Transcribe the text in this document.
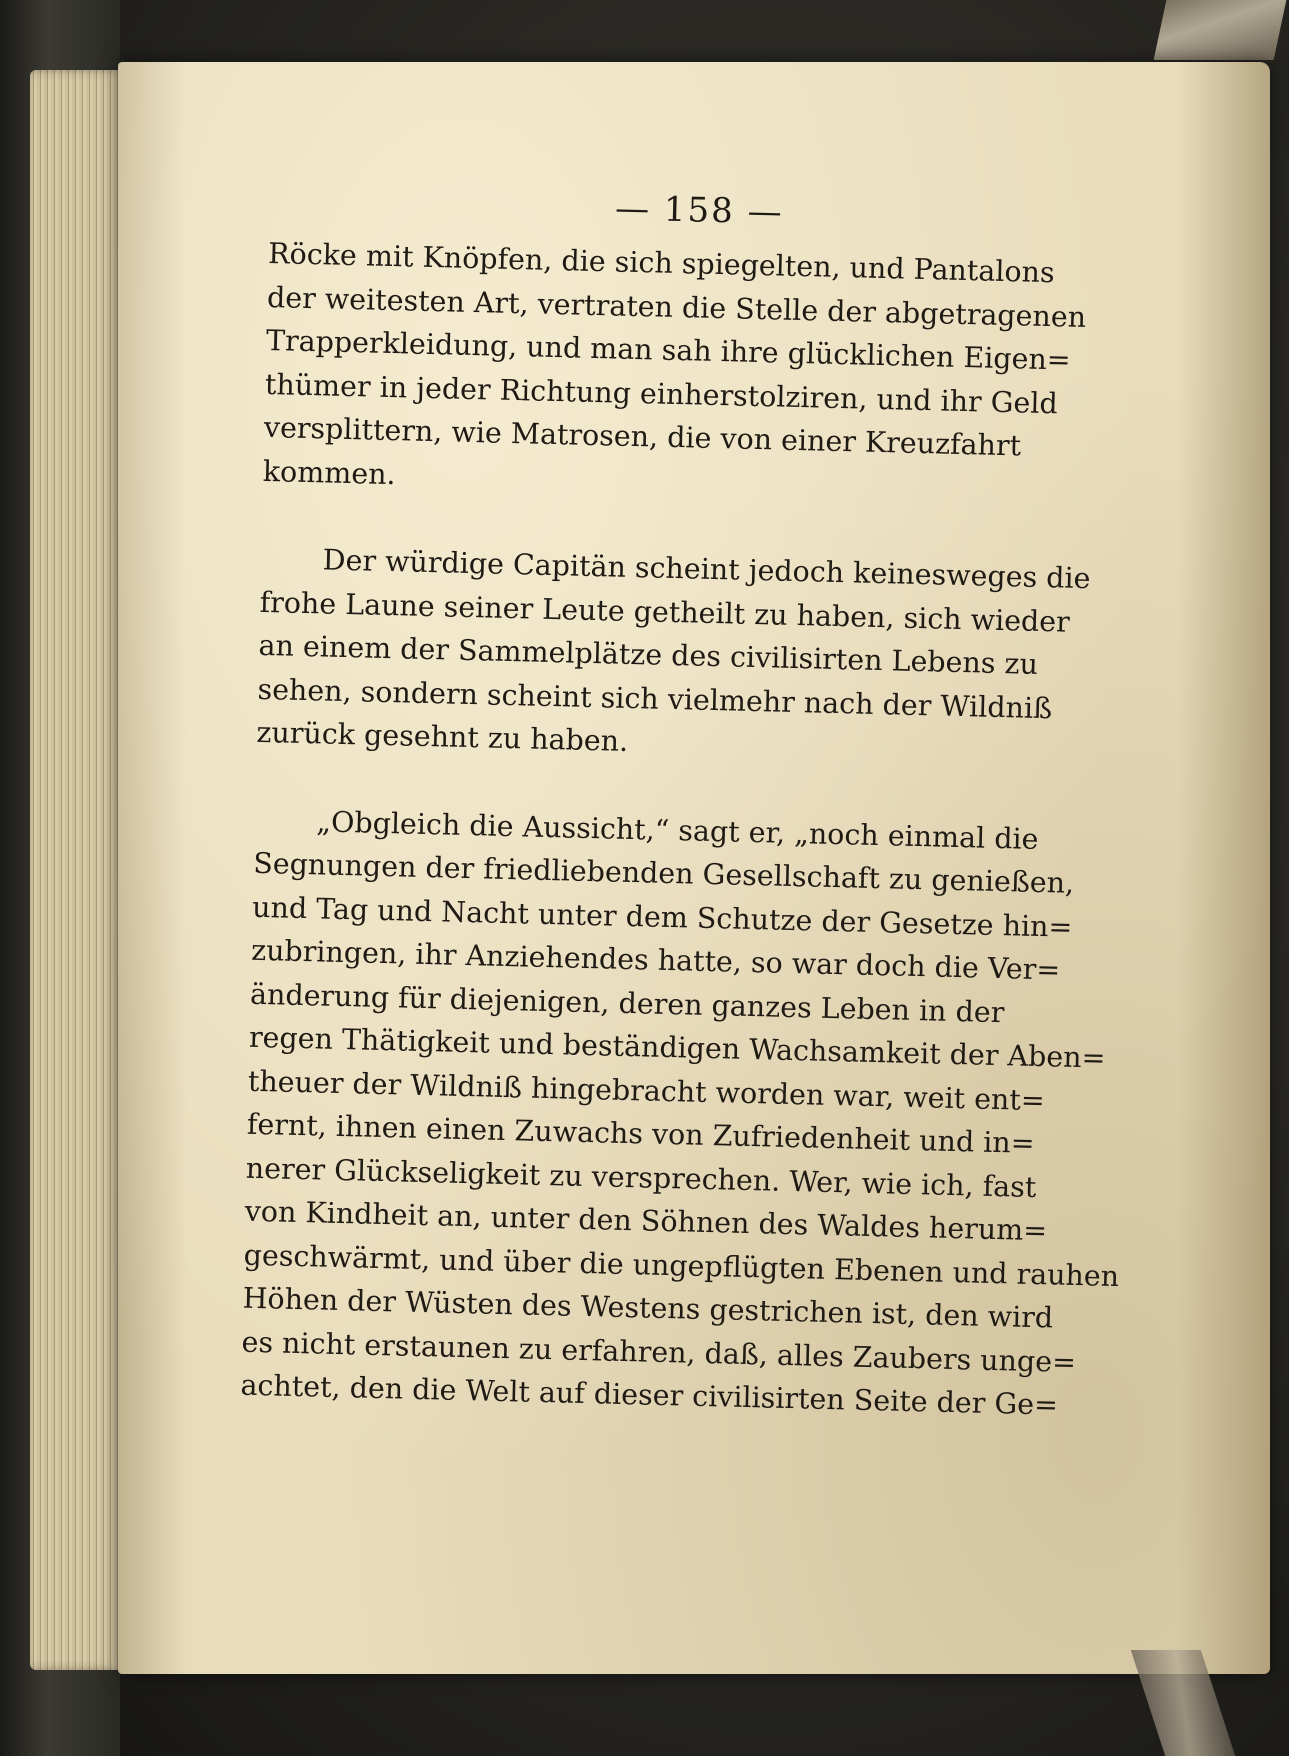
— 158 —

Röcke mit Knöpfen, die sich spiegelten, und Pantalons
der weitesten Art, vertraten die Stelle der abgetragenen
Trapperkleidung, und man sah ihre glücklichen Eigen=
thümer in jeder Richtung einherstolziren, und ihr Geld
versplittern, wie Matrosen, die von einer Kreuzfahrt
kommen.

Der würdige Capitän scheint jedoch keinesweges die
frohe Laune seiner Leute getheilt zu haben, sich wieder
an einem der Sammelplätze des civilisirten Lebens zu
sehen, sondern scheint sich vielmehr nach der Wildniß
zurück gesehnt zu haben.

„Obgleich die Aussicht,“ sagt er, „noch einmal die
Segnungen der friedliebenden Gesellschaft zu genießen,
und Tag und Nacht unter dem Schutze der Gesetze hin=
zubringen, ihr Anziehendes hatte, so war doch die Ver=
änderung für diejenigen, deren ganzes Leben in der
regen Thätigkeit und beständigen Wachsamkeit der Aben=
theuer der Wildniß hingebracht worden war, weit ent=
fernt, ihnen einen Zuwachs von Zufriedenheit und in=
nerer Glückseligkeit zu versprechen. Wer, wie ich, fast
von Kindheit an, unter den Söhnen des Waldes herum=
geschwärmt, und über die ungepflügten Ebenen und rauhen
Höhen der Wüsten des Westens gestrichen ist, den wird
es nicht erstaunen zu erfahren, daß, alles Zaubers unge=
achtet, den die Welt auf dieser civilisirten Seite der Ge=
